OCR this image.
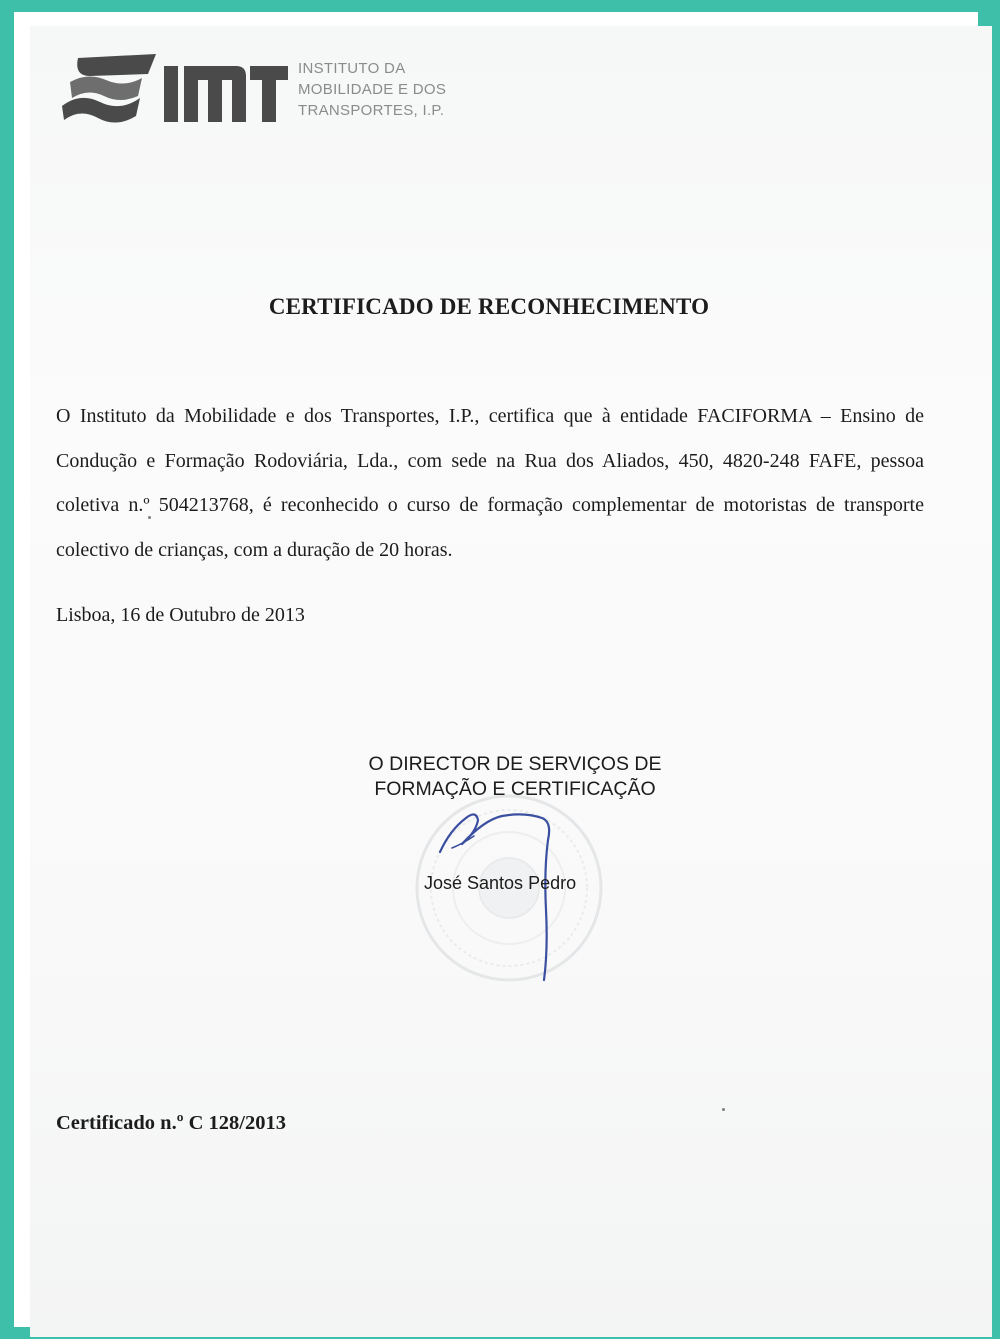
INSTITUTO DA
MOBILIDADE E DOS
TRANSPORTES, I.P.
CERTIFICADO DE RECONHECIMENTO
O Instituto da Mobilidade e dos Transportes, I.P., certifica que à entidade FACIFORMA – Ensino de Condução e Formação Rodoviária, Lda., com sede na Rua dos Aliados, 450, 4820-248 FAFE, pessoa coletiva n.º 504213768, é reconhecido o curso de formação complementar de motoristas de transporte colectivo de crianças, com a duração de 20 horas.
Lisboa, 16 de Outubro de 2013
O DIRECTOR DE SERVIÇOS DE
FORMAÇÃO E CERTIFICAÇÃO
José Santos Pedro
Certificado n.º C 128/2013
